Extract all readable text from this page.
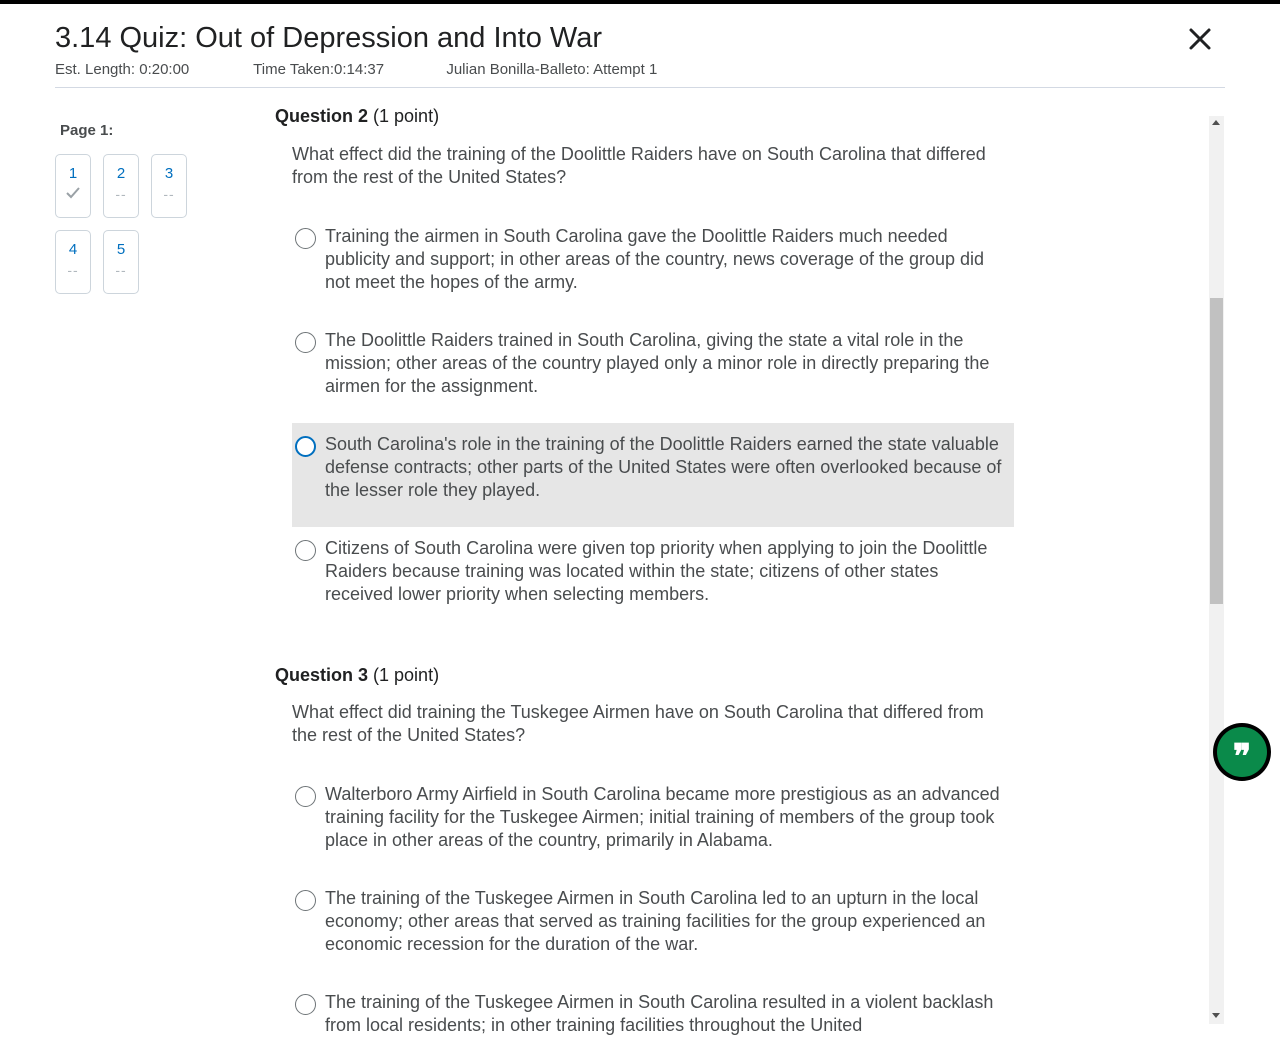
3.14 Quiz: Out of Depression and Into War
Est. Length: 0:20:00	Time Taken:0:14:37	Julian Bonilla-Balleto: Attempt 1
Page 1:
1	2
--
3
--
4
--
5
--
Question 2 (1 point)
What effect did the training of the Doolittle Raiders have on South Carolina that differed from the rest of the United States?
Training the airmen in South Carolina gave the Doolittle Raiders much needed publicity and support; in other areas of the country, news coverage of the group did not meet the hopes of the army.
The Doolittle Raiders trained in South Carolina, giving the state a vital role in the mission; other areas of the country played only a minor role in directly preparing the airmen for the assignment.
South Carolina's role in the training of the Doolittle Raiders earned the state valuable defense contracts; other parts of the United States were often overlooked because of the lesser role they played.
Citizens of South Carolina were given top priority when applying to join the Doolittle Raiders because training was located within the state; citizens of other states received lower priority when selecting members.
Question 3 (1 point)
What effect did training the Tuskegee Airmen have on South Carolina that differed from the rest of the United States?
Walterboro Army Airfield in South Carolina became more prestigious as an advanced training facility for the Tuskegee Airmen; initial training of members of the group took place in other areas of the country, primarily in Alabama.
The training of the Tuskegee Airmen in South Carolina led to an upturn in the local economy; other areas that served as training facilities for the group experienced an economic recession for the duration of the war.
The training of the Tuskegee Airmen in South Carolina resulted in a violent backlash from local residents; in other training facilities throughout the United
❞
